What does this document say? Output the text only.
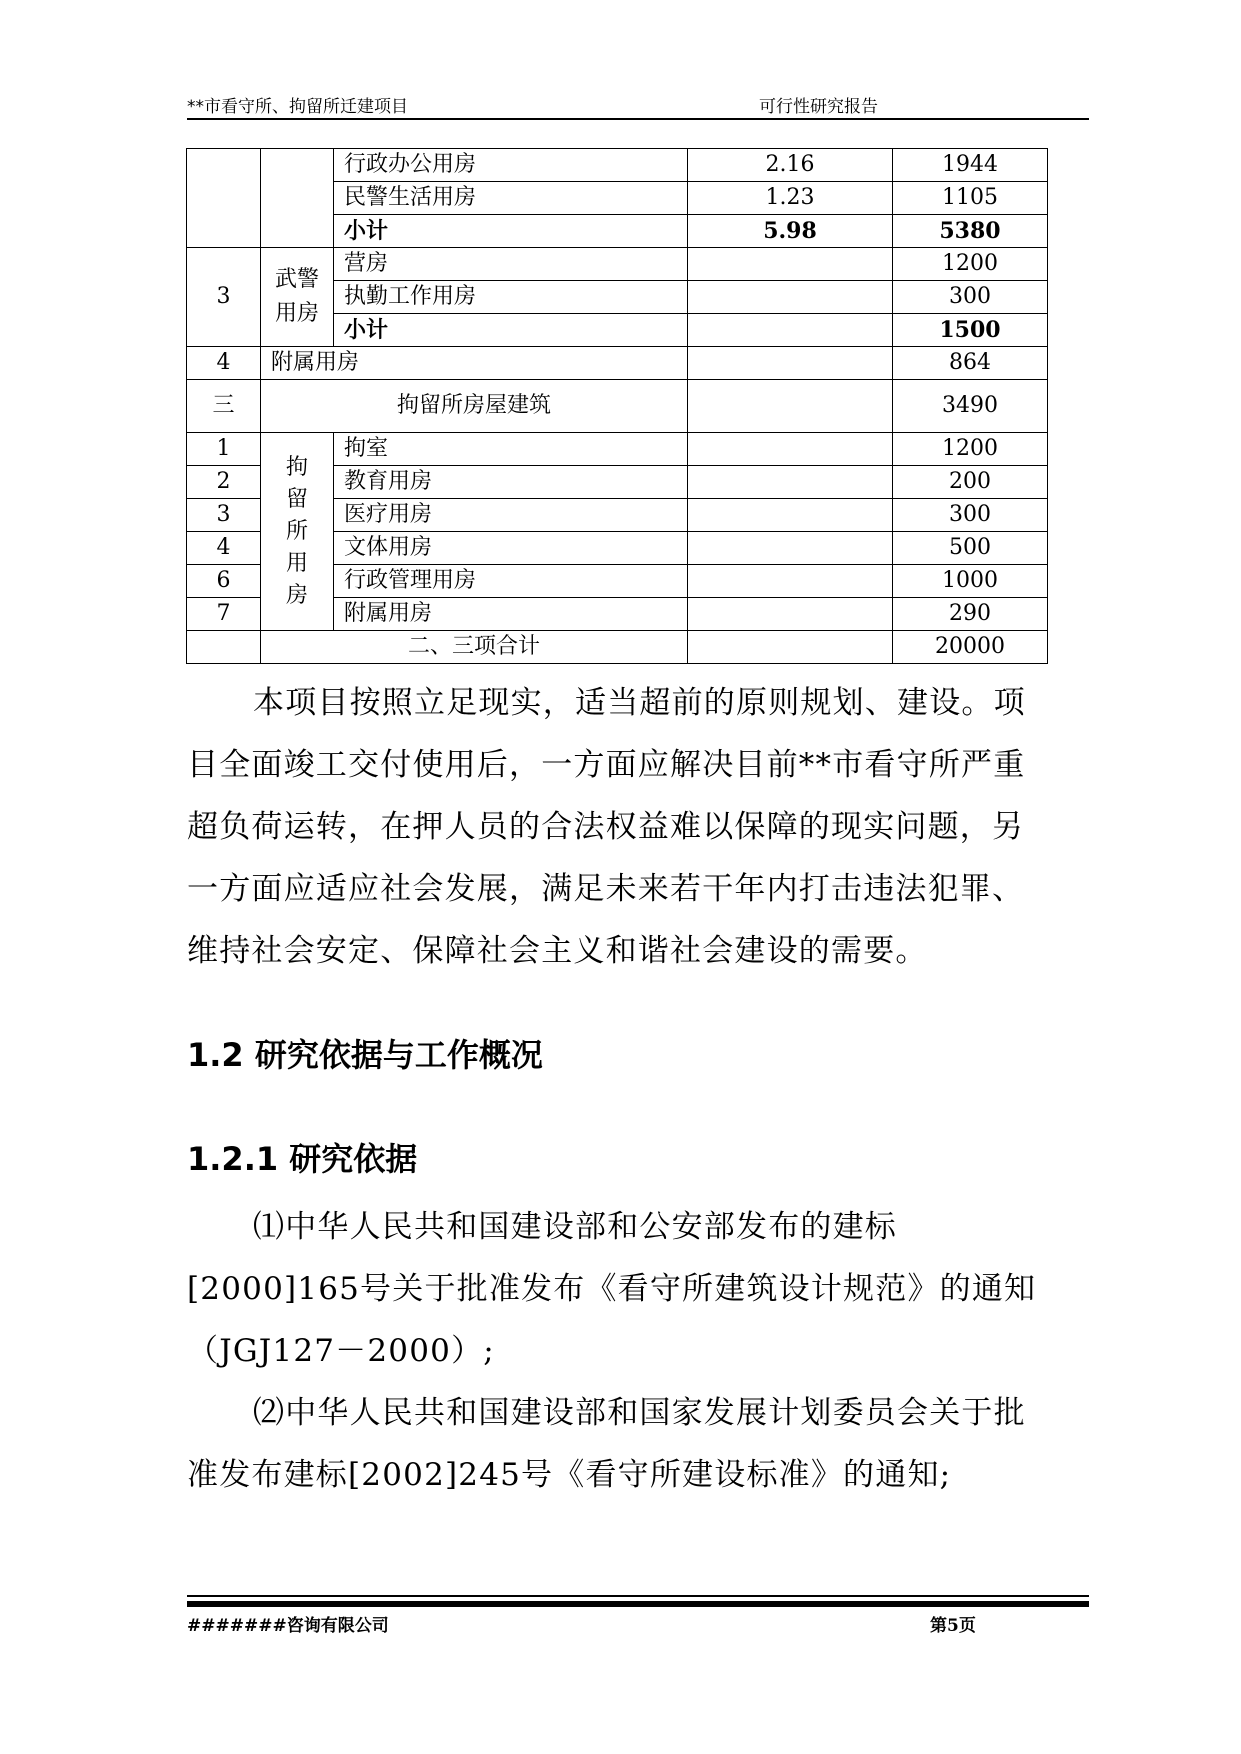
**市看守所、拘留所迁建项目	可行性研究报告
		行政办公用房	2.16	1944
		民警生活用房	1.23	1105
		小计	5.98	5380
3	武警用房	营房		1200
		执勤工作用房		300
		小计		1500
4	附属用房			864
三	拘留所房屋建筑			3490
1	拘留所用房	拘室		1200
2		教育用房		200
3		医疗用房		300
4		文体用房		500
6		行政管理用房		1000
7		附属用房		290
	二、三项合计			20000

本项目按照立足现实，适当超前的原则规划、建设。项目全面竣工交付使用后，一方面应解决目前**市看守所严重超负荷运转，在押人员的合法权益难以保障的现实问题，另一方面应适应社会发展，满足未来若干年内打击违法犯罪、维持社会安定、保障社会主义和谐社会建设的需要。

1.2 研究依据与工作概况
1.2.1 研究依据

⑴中华人民共和国建设部和公安部发布的建标[2000]165号关于批准发布《看守所建筑设计规范》的通知（JGJ127－2000）;

⑵中华人民共和国建设部和国家发展计划委员会关于批准发布建标[2002]245号《看守所建设标准》的通知;

#######咨询有限公司	第5页
